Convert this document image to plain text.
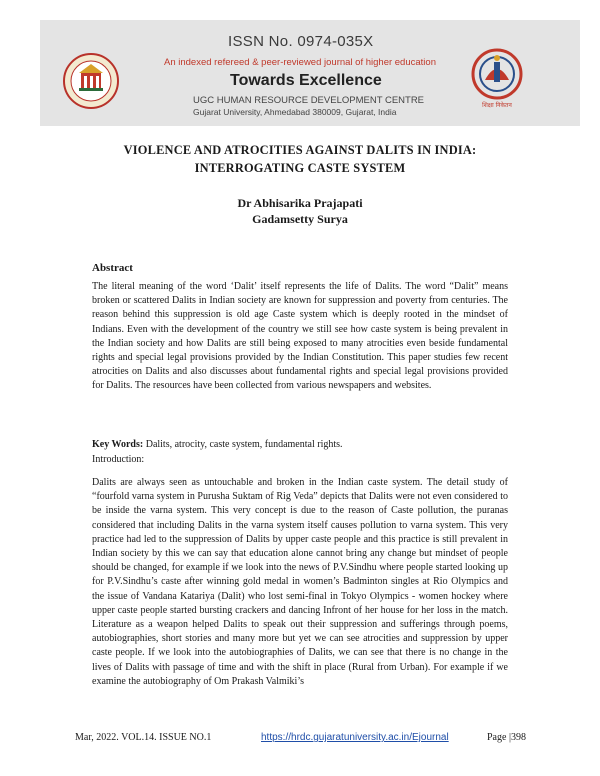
शिक्षा निकेतन
ISSN No. 0974-035X
An indexed refereed & peer-reviewed journal of higher education
Towards Excellence
UGC HUMAN RESOURCE DEVELOPMENT CENTRE
Gujarat University, Ahmedabad 380009, Gujarat, India
VIOLENCE AND ATROCITIES AGAINST DALITS IN INDIA:
INTERROGATING CASTE SYSTEM
Dr Abhisarika Prajapati
Gadamsetty Surya
Abstract

The literal meaning of the word ‘Dalit’ itself represents the life of Dalits. The word “Dalit” means broken or scattered Dalits in Indian society are known for suppression and poverty from centuries. The reason behind this suppression is old age Caste system which is deeply rooted in the mindset of Indians. Even with the development of the country we still see how caste system is being prevalent in the Indian society and how Dalits are still being exposed to many atrocities even beside fundamental rights and special legal provisions provided by the Indian Constitution. This paper studies few recent atrocities on Dalits and also discusses about fundamental rights and special legal provisions provided for Dalits. The resources have been collected from various newspapers and websites.

Key Words: Dalits, atrocity, caste system, fundamental rights.
Introduction:

Dalits are always seen as untouchable and broken in the Indian caste system. The detail study of “fourfold varna system in Purusha Suktam of Rig Veda” depicts that Dalits were not even considered to be inside the varna system. This very concept is due to the reason of Caste pollution, the puranas considered that including Dalits in the varna system itself causes pollution to varna system. This very practice had led to the suppression of Dalits by upper caste people and this practice is still prevalent in Indian society by this we can say that education alone cannot bring any change but mindset of people should be changed, for example if we look into the news of P.V.Sindhu where people started looking up for P.V.Sindhu’s caste after winning gold medal in women’s Badminton singles at Rio Olympics and the issue of Vandana Katariya (Dalit) who lost semi-final in Tokyo Olympics - women hockey where upper caste people started bursting crackers and dancing Infront of her house for her loss in the match. Literature as a weapon helped Dalits to speak out their suppression and sufferings through poems, autobiographies, short stories and many more but yet we can see atrocities and suppression by upper caste people. If we look into the autobiographies of Dalits, we can see that there is no change in the lives of Dalits with passage of time and with the shift in place (Rural from Urban). For example if we examine the autobiography of Om Prakash Valmiki’s

Mar, 2022. VOL.14. ISSUE NO.1	https://hrdc.gujaratuniversity.ac.in/Ejournal	Page |398
